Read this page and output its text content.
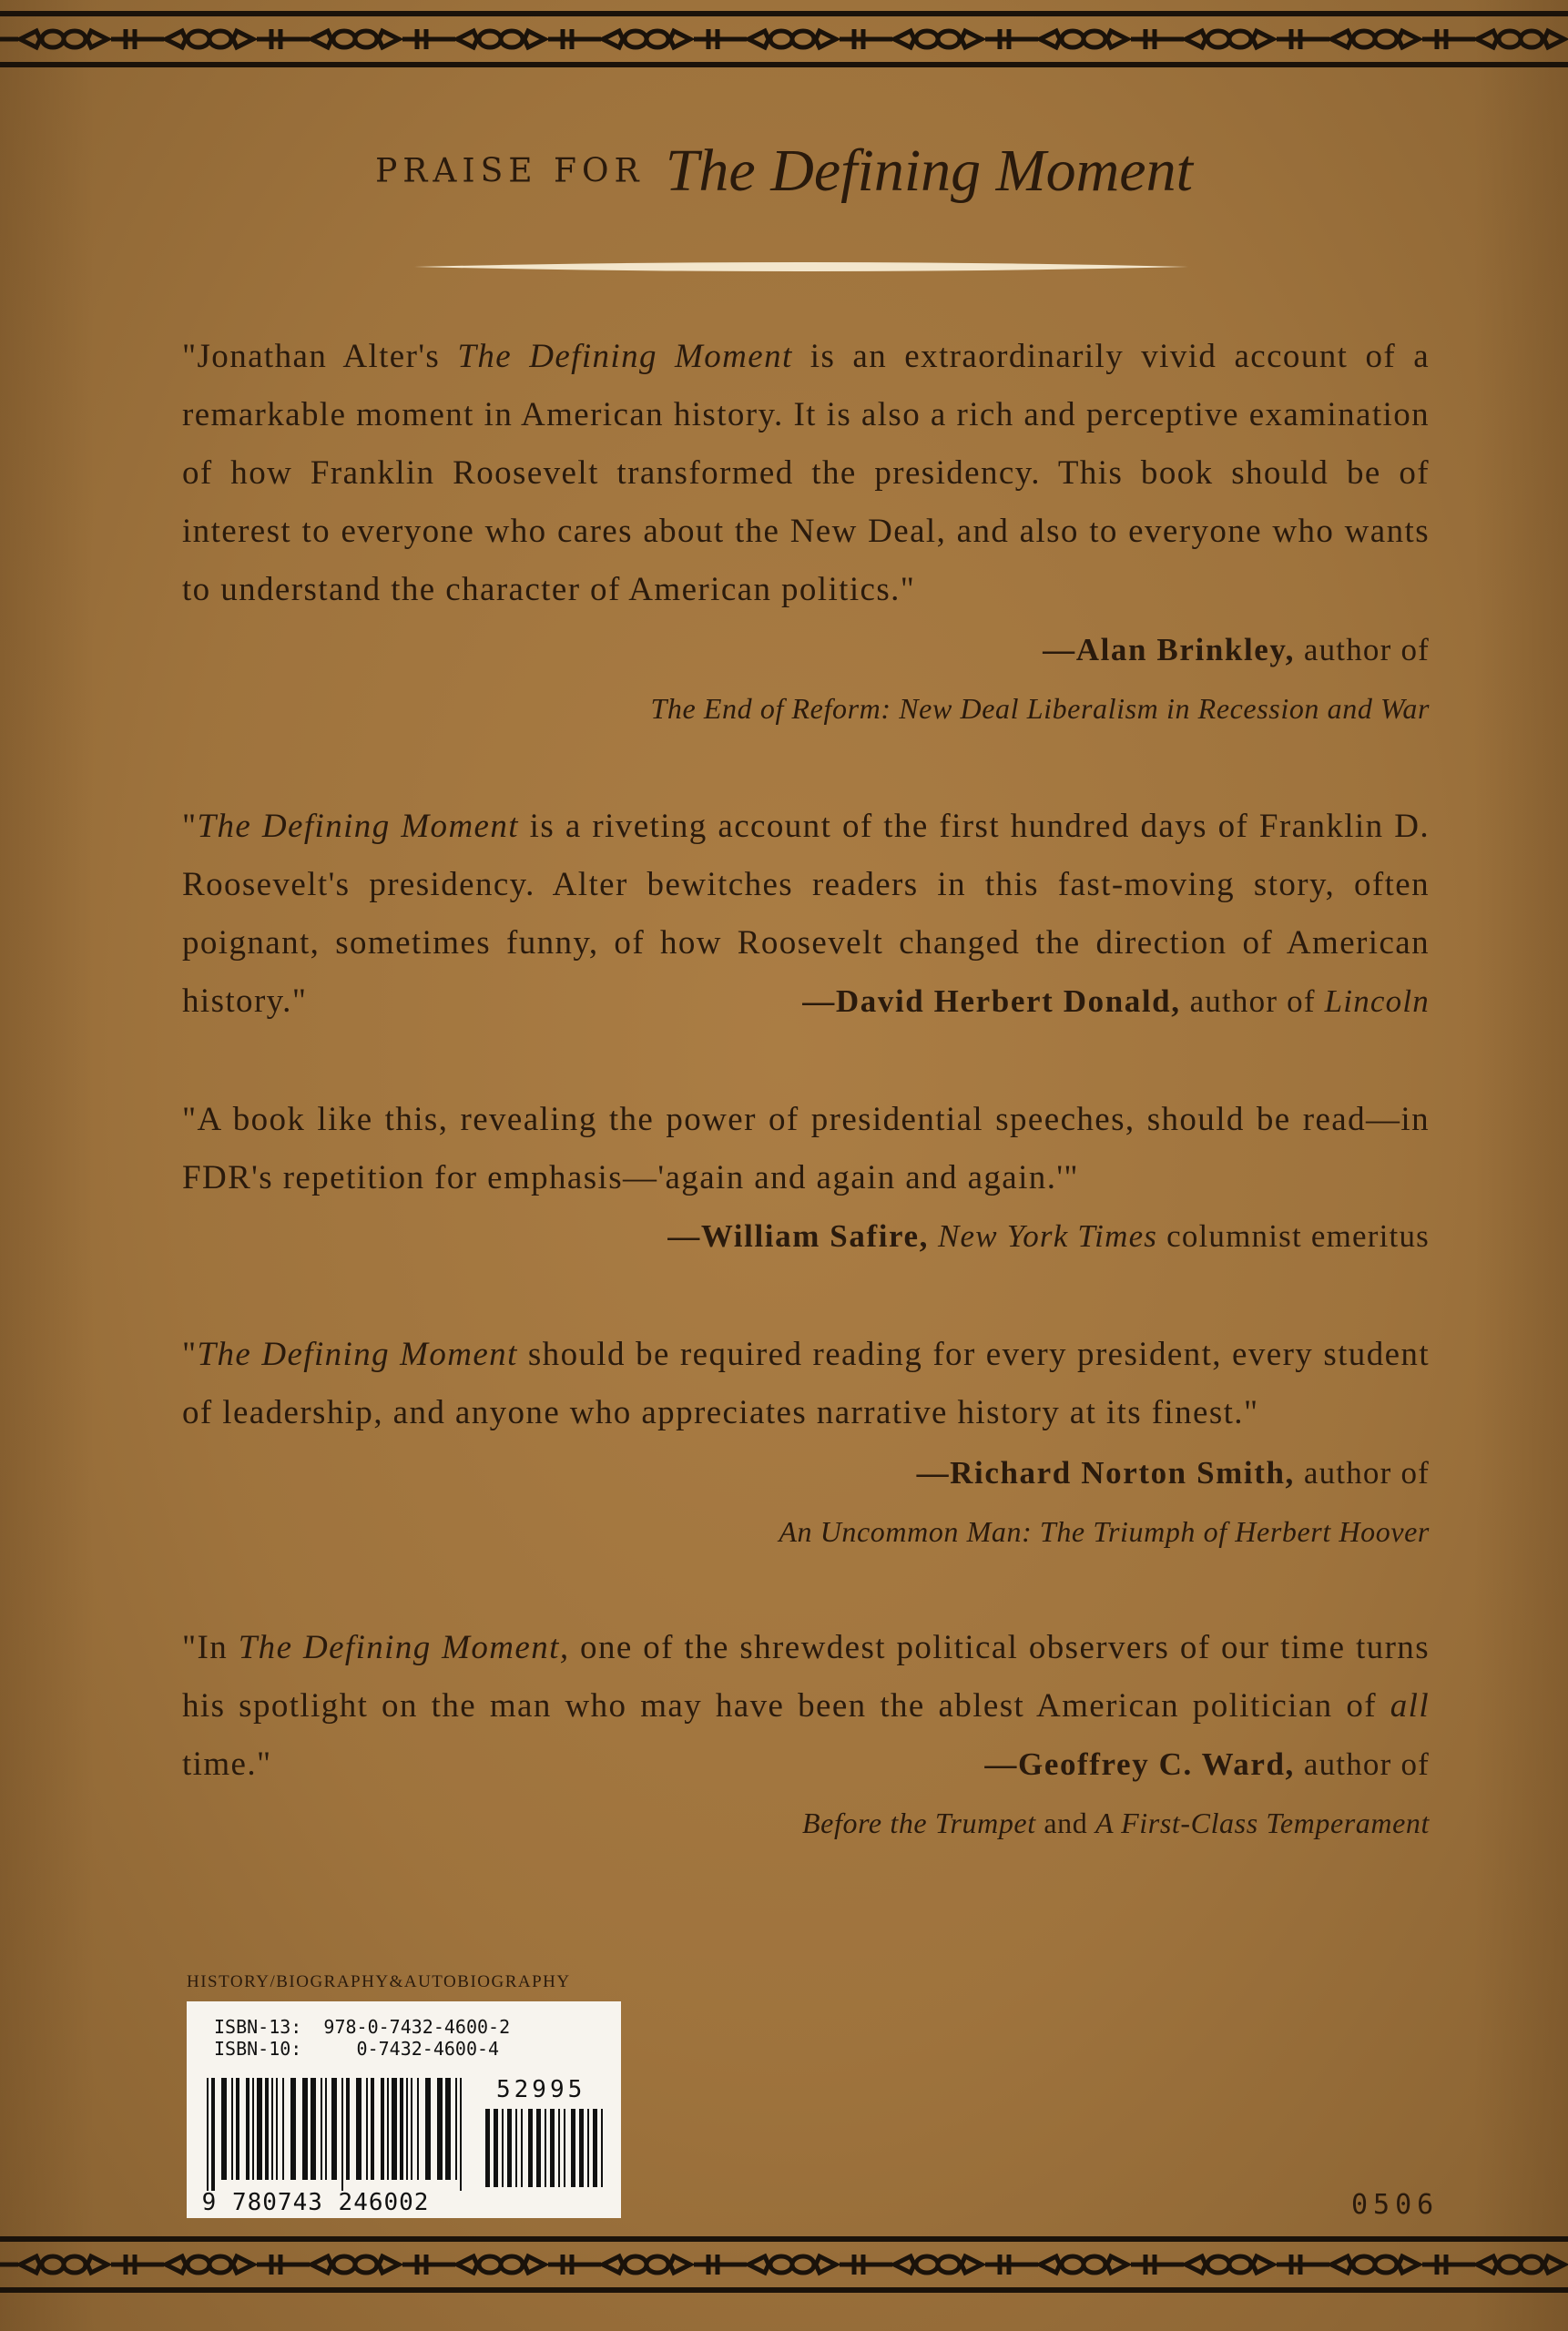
PRAISE FOR The Defining Moment
"Jonathan Alter's The Defining Moment is an extraordinarily vivid account of a remarkable moment in American history. It is also a rich and perceptive examination of how Franklin Roosevelt transformed the presidency. This book should be of interest to everyone who cares about the New Deal, and also to everyone who wants to understand the character of American politics."
—Alan Brinkley, author of
The End of Reform: New Deal Liberalism in Recession and War
"The Defining Moment is a riveting account of the first hundred days of Franklin D. Roosevelt's presidency. Alter bewitches readers in this fast-moving story, often poignant, sometimes funny, of how Roosevelt changed the direction of American history."	—David Herbert Donald, author of Lincoln
"A book like this, revealing the power of presidential speeches, should be read—in FDR's repetition for emphasis—'again and again and again.'"
—William Safire, New York Times columnist emeritus
"The Defining Moment should be required reading for every president, every student of leadership, and anyone who appreciates narrative history at its finest."
—Richard Norton Smith, author of
An Uncommon Man: The Triumph of Herbert Hoover
"In The Defining Moment, one of the shrewdest political observers of our time turns his spotlight on the man who may have been the ablest American politician of all time."	—Geoffrey C. Ward, author of
Before the Trumpet and A First-Class Temperament
HISTORY/BIOGRAPHY&AUTOBIOGRAPHY
ISBN-13: 978-0-7432-4600-2
ISBN-10:	0-7432-4600-4
52995
9 780743 246002	0506
